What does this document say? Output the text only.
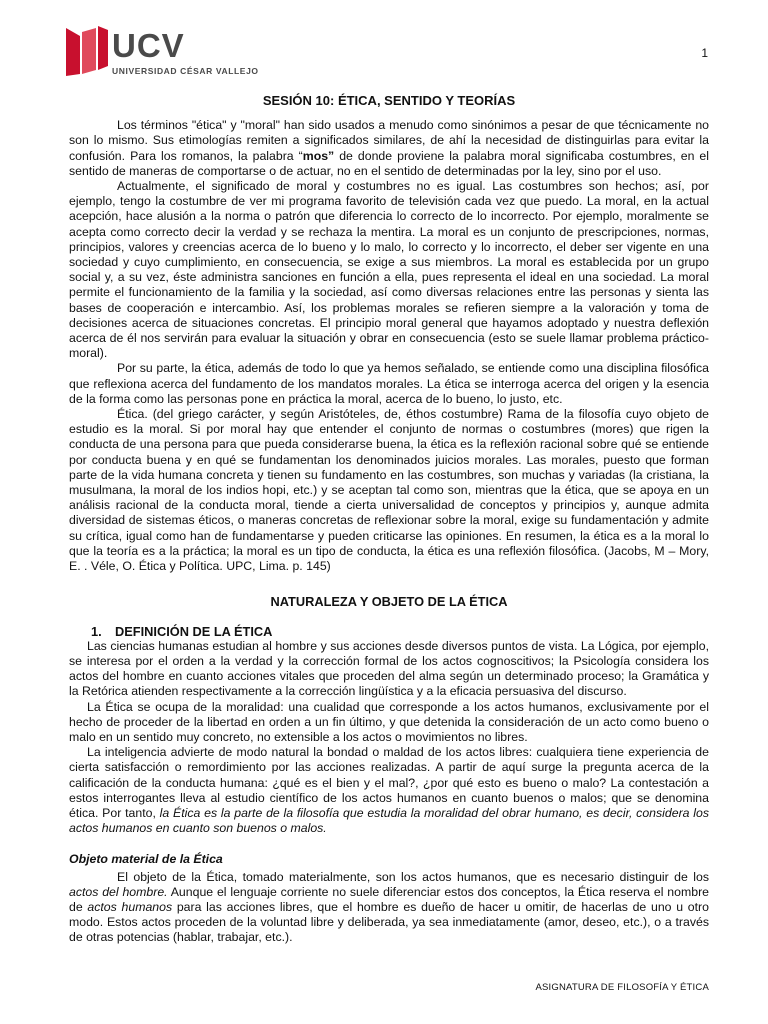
UCV
UNIVERSIDAD CÉSAR VALLEJO
1
SESIÓN 10: ÉTICA, SENTIDO Y TEORÍAS

Los términos "ética" y "moral" han sido usados a menudo como sinónimos a pesar de que técnicamente no son lo mismo. Sus etimologías remiten a significados similares, de ahí la necesidad de distinguirlas para evitar la confusión. Para los romanos, la palabra “mos” de donde proviene la palabra moral significaba costumbres, en el sentido de maneras de comportarse o de actuar, no en el sentido de determinadas por la ley, sino por el uso.

Actualmente, el significado de moral y costumbres no es igual. Las costumbres son hechos; así, por ejemplo, tengo la costumbre de ver mi programa favorito de televisión cada vez que puedo. La moral, en la actual acepción, hace alusión a la norma o patrón que diferencia lo correcto de lo incorrecto. Por ejemplo, moralmente se acepta como correcto decir la verdad y se rechaza la mentira. La moral es un conjunto de prescripciones, normas, principios, valores y creencias acerca de lo bueno y lo malo, lo correcto y lo incorrecto, el deber ser vigente en una sociedad y cuyo cumplimiento, en consecuencia, se exige a sus miembros. La moral es establecida por un grupo social y, a su vez, éste administra sanciones en función a ella, pues representa el ideal en una sociedad. La moral permite el funcionamiento de la familia y la sociedad, así como diversas relaciones entre las personas y sienta las bases de cooperación e intercambio. Así, los problemas morales se refieren siempre a la valoración y toma de decisiones acerca de situaciones concretas. El principio moral general que hayamos adoptado y nuestra deflexión acerca de él nos servirán para evaluar la situación y obrar en consecuencia (esto se suele llamar problema práctico-moral).

Por su parte, la ética, además de todo lo que ya hemos señalado, se entiende como una disciplina filosófica que reflexiona acerca del fundamento de los mandatos morales. La ética se interroga acerca del origen y la esencia de la forma como las personas pone en práctica la moral, acerca de lo bueno, lo justo, etc.

Ética. (del griego carácter, y según Aristóteles, de, éthos costumbre) Rama de la filosofía cuyo objeto de estudio es la moral. Si por moral hay que entender el conjunto de normas o costumbres (mores) que rigen la conducta de una persona para que pueda considerarse buena, la ética es la reflexión racional sobre qué se entiende por conducta buena y en qué se fundamentan los denominados juicios morales. Las morales, puesto que forman parte de la vida humana concreta y tienen su fundamento en las costumbres, son muchas y variadas (la cristiana, la musulmana, la moral de los indios hopi, etc.) y se aceptan tal como son, mientras que la ética, que se apoya en un análisis racional de la conducta moral, tiende a cierta universalidad de conceptos y principios y, aunque admita diversidad de sistemas éticos, o maneras concretas de reflexionar sobre la moral, exige su fundamentación y admite su crítica, igual como han de fundamentarse y pueden criticarse las opiniones. En resumen, la ética es a la moral lo que la teoría es a la práctica; la moral es un tipo de conducta, la ética es una reflexión filosófica. (Jacobs, M – Mory, E. . Véle, O. Ética y Política. UPC, Lima. p. 145)

NATURALEZA Y OBJETO DE LA ÉTICA
1. DEFINICIÓN DE LA ÉTICA

Las ciencias humanas estudian al hombre y sus acciones desde diversos puntos de vista. La Lógica, por ejemplo, se interesa por el orden a la verdad y la corrección formal de los actos cognoscitivos; la Psicología considera los actos del hombre en cuanto acciones vitales que proceden del alma según un determinado proceso; la Gramática y la Retórica atienden respectivamente a la corrección lingüística y a la eficacia persuasiva del discurso.

La Ética se ocupa de la moralidad: una cualidad que corresponde a los actos humanos, exclusivamente por el hecho de proceder de la libertad en orden a un fin último, y que detenida la consideración de un acto como bueno o malo en un sentido muy concreto, no extensible a los actos o movimientos no libres.

La inteligencia advierte de modo natural la bondad o maldad de los actos libres: cualquiera tiene experiencia de cierta satisfacción o remordimiento por las acciones realizadas. A partir de aquí surge la pregunta acerca de la calificación de la conducta humana: ¿qué es el bien y el mal?, ¿por qué esto es bueno o malo? La contestación a estos interrogantes lleva al estudio científico de los actos humanos en cuanto buenos o malos; que se denomina ética. Por tanto, la Ética es la parte de la filosofía que estudia la moralidad del obrar humano, es decir, considera los actos humanos en cuanto son buenos o malos.

Objeto material de la Ética

El objeto de la Ética, tomado materialmente, son los actos humanos, que es necesario distinguir de los actos del hombre. Aunque el lenguaje corriente no suele diferenciar estos dos conceptos, la Ética reserva el nombre de actos humanos para las acciones libres, que el hombre es dueño de hacer u omitir, de hacerlas de uno u otro modo. Estos actos proceden de la voluntad libre y deliberada, ya sea inmediatamente (amor, deseo, etc.), o a través de otras potencias (hablar, trabajar, etc.).

ASIGNATURA DE FILOSOFÍA Y ÉTICA
